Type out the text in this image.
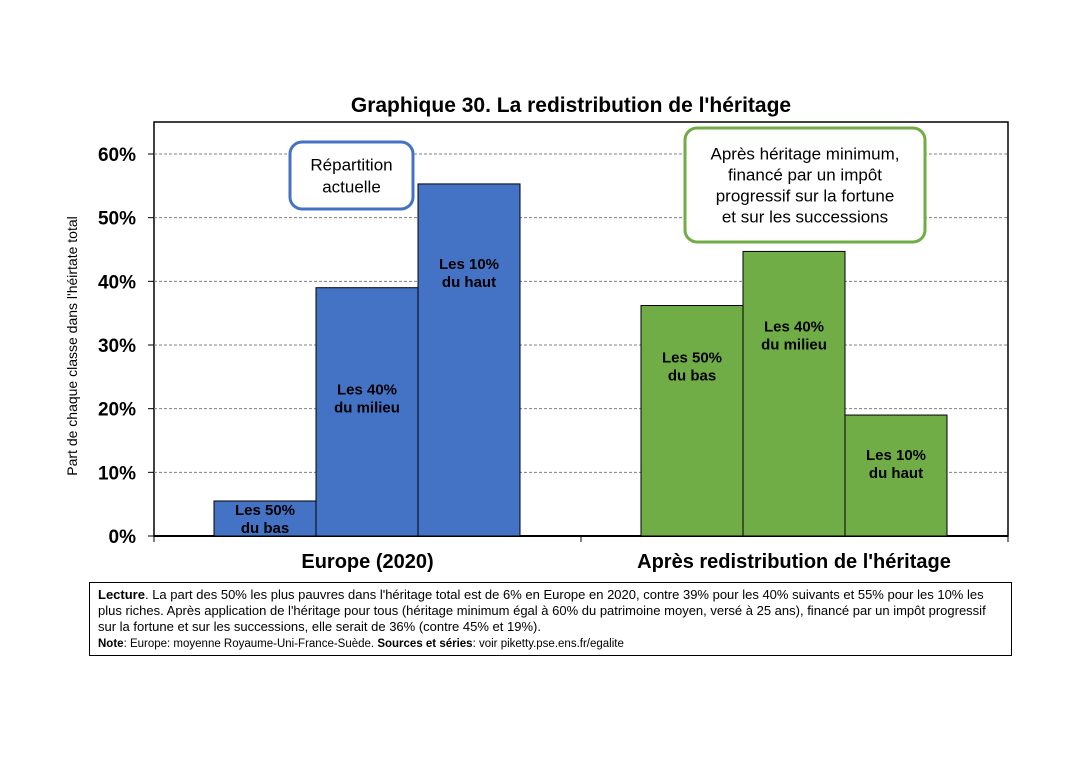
Graphique 30. La redistribution de l'héritage
Part de chaque classe dans l'héirtate total
0%
10%
20%
30%
40%
50%
60%
Les 50%
du bas
Les 40%
du milieu
Les 10%
du haut
Europe (2020)
Répartition
actuelle
Les 50%
du bas
Les 40%
du milieu
Les 10%
du haut
Après redistribution de l'héritage
Après héritage minimum,
financé par un impôt
progressif sur la fortune
et sur les successions
Lecture. La part des 50% les plus pauvres dans l'héritage total est de 6% en Europe en 2020, contre 39% pour les 40% suivants et 55% pour les 10% les plus riches. Après application de l'héritage pour tous (héritage minimum égal à 60% du patrimoine moyen, versé à 25 ans), financé par un impôt progressif sur la fortune et sur les successions, elle serait de 36% (contre 45% et 19%).
Note: Europe: moyenne Royaume-Uni-France-Suède. Sources et séries: voir piketty.pse.ens.fr/egalite
